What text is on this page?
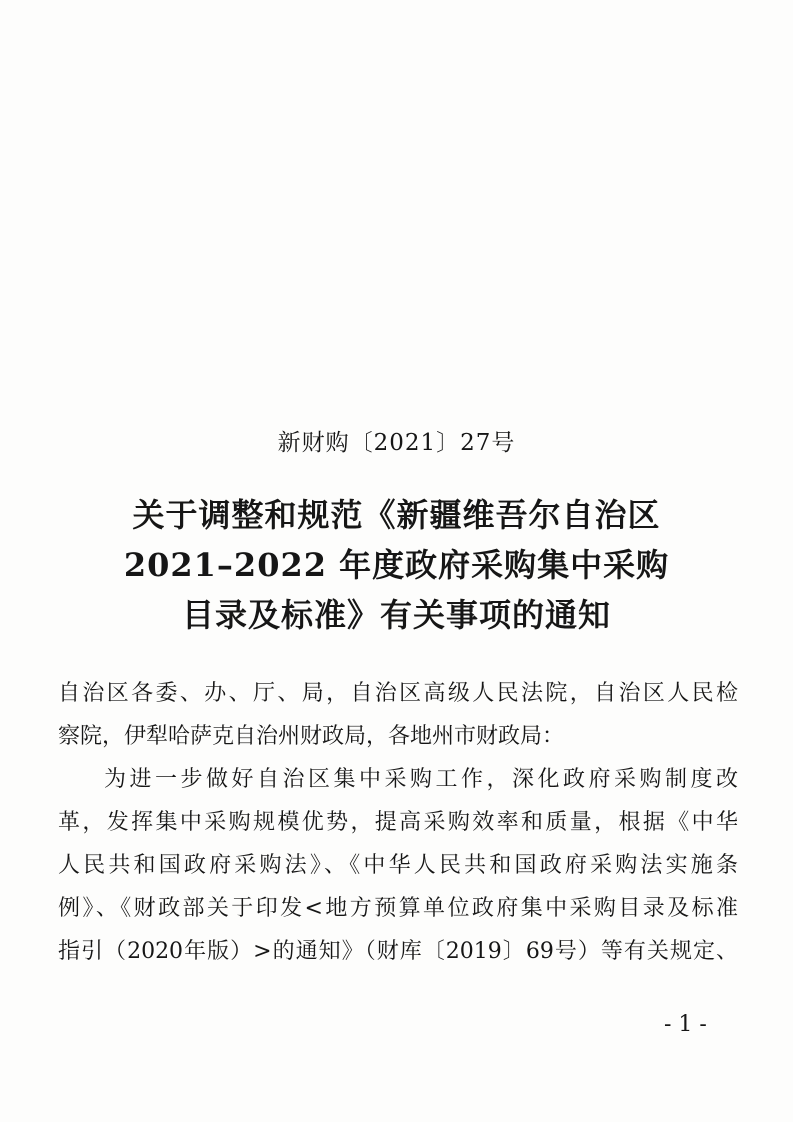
新财购〔2021〕27号
关于调整和规范《新疆维吾尔自治区
2021–2022 年度政府采购集中采购
目录及标准》有关事项的通知
自治区各委、办、厅、局，自治区高级人民法院，自治区人民检
察院，伊犁哈萨克自治州财政局，各地州市财政局：
为进一步做好自治区集中采购工作，深化政府采购制度改
革，发挥集中采购规模优势，提高采购效率和质量，根据《中华
人民共和国政府采购法》、《中华人民共和国政府采购法实施条
例》、《财政部关于印发<地方预算单位政府集中采购目录及标准
指引（2020年版）>的通知》（财库〔2019〕69号）等有关规定、
- 1 -
